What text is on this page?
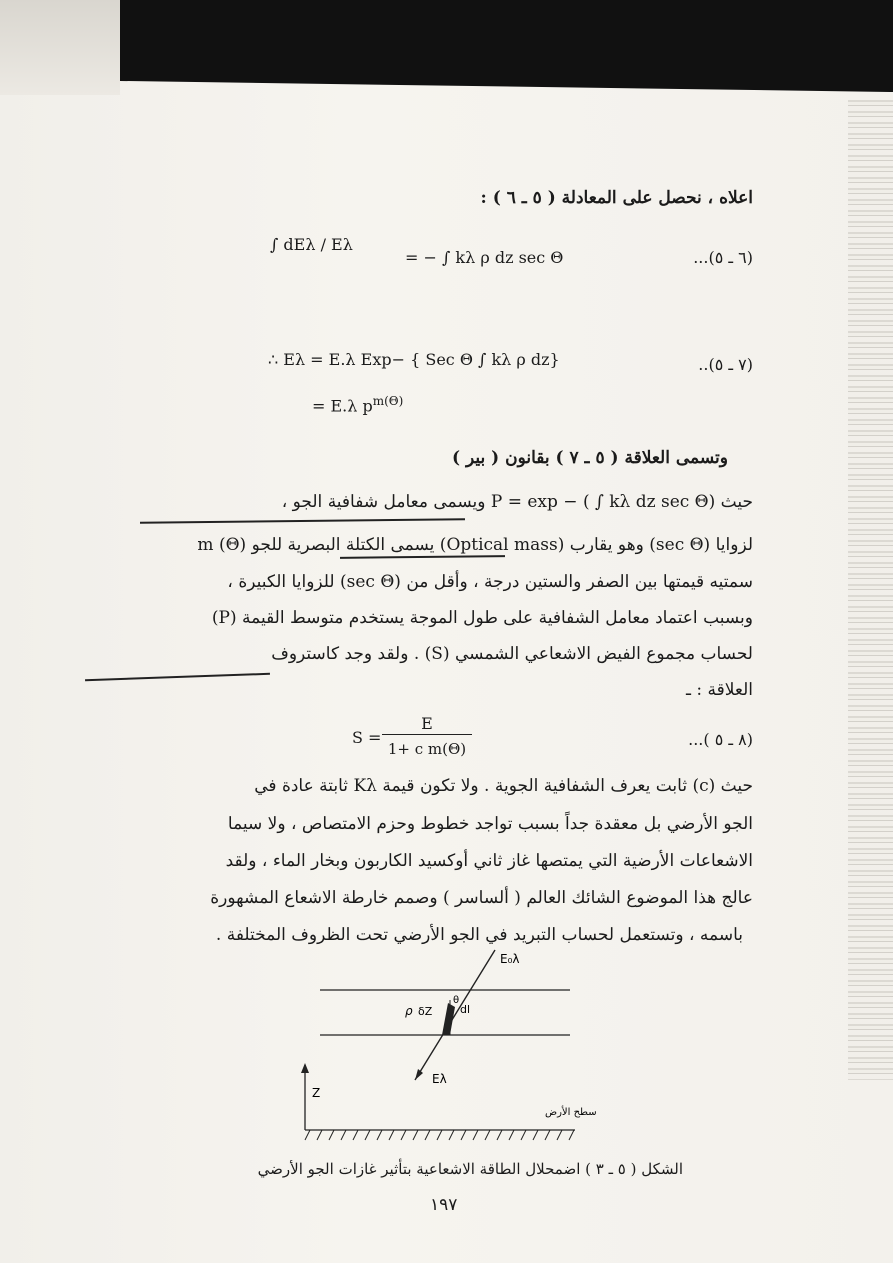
اعلاه ، نحصل على المعادلة ( ٥ ـ ٦ ) :
∫ dEλ / Eλ
= − ∫ kλ ρ dz sec Θ	...(٦ ـ ٥)
∴ Eλ = E.λ Exp− { Sec Θ ∫ kλ ρ dz}	..(٧ ـ ٥)
= E.λ $p^{m(\Theta)}$
وتسمى العلاقة ( ٥ ـ ٧ ) بقانون ( بير )
حيث (P = exp − ( ∫ kλ dz sec Θ ويسمى معامل شفافية الجو ،
m (Θ) يسمى الكتلة البصرية للجو (Optical mass) وهو يقارب (sec Θ) لزوايا
سمتيه قيمتها بين الصفر والستين درجة ، وأقل من (sec Θ) للزوايا الكبيرة ،
وبسبب اعتماد معامل الشفافية على طول الموجة يستخدم متوسط القيمة (P)
لحساب مجموع الفيض الاشعاعي الشمسي (S) . ولقد وجد كاستروف
العلاقة : ـ
S =
E
1+ c m(Θ)	...( ٨ ـ ٥)
حيث (c) ثابت يعرف الشفافية الجوية . ولا تكون قيمة Kλ ثابتة عادة في
الجو الأرضي بل معقدة جداً بسبب تواجد خطوط وحزم الامتصاص ، ولا سيما
الاشعاعات الأرضية التي يمتصها غاز ثاني أوكسيد الكاربون وبخار الماء ، ولقد
عالج هذا الموضوع الشائك العالم ( ألساسر ) وصمم خارطة الاشعاع المشهورة
باسمه ، وتستعمل لحساب التبريد في الجو الأرضي تحت الظروف المختلفة .
E₀λ
ρ δZ
θ
dl
Eλ
Z
سطح الأرض
الشكل ( ٥ ـ ٣ ) اضمحلال الطاقة الاشعاعية بتأثير غازات الجو الأرضي
١٩٧
